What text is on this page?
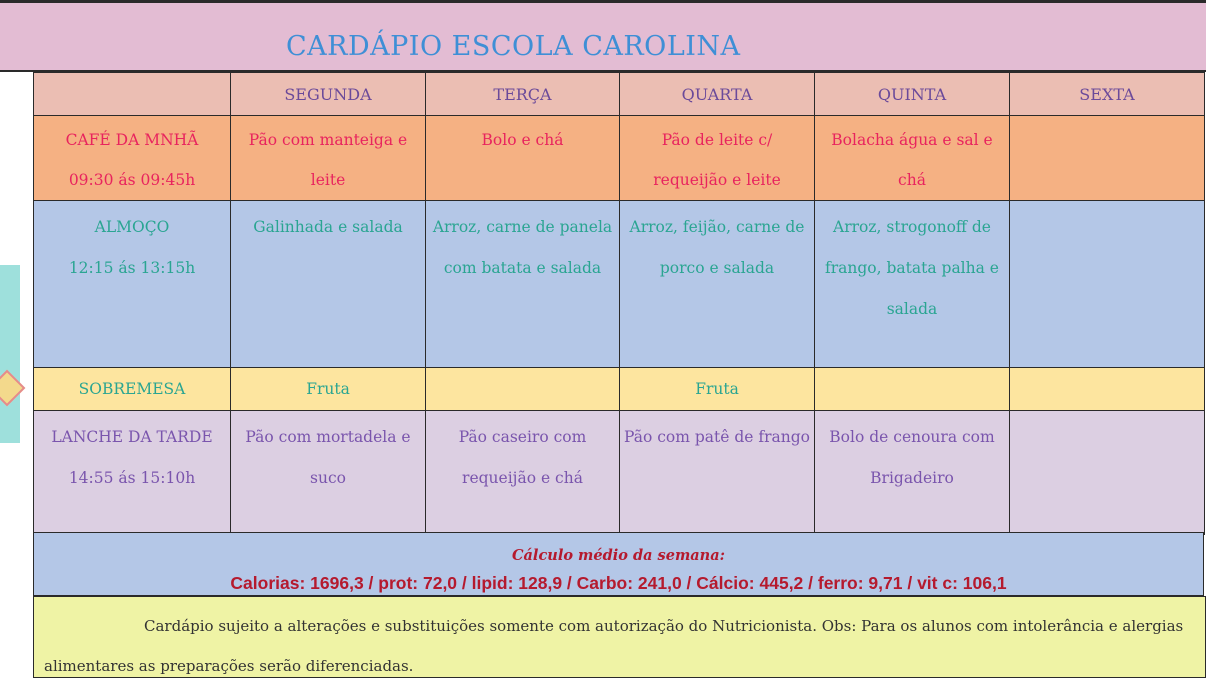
CARDÁPIO ESCOLA CAROLINA
	SEGUNDA	TERÇA	QUARTA	QUINTA	SEXTA

CAFÉ DA MNHÃ
09:30 ás 09:45h	Pão com manteiga e leite	Bolo e chá	Pão de leite c/ requeijão e leite	Bolacha água e sal e chá	

ALMOÇO
12:15 ás 13:15h	Galinhada e salada	Arroz, carne de panela com batata e salada	Arroz, feijão, carne de porco e salada	Arroz, strogonoff de frango, batata palha e salada	
SOBREMESA	Fruta		Fruta		

LANCHE DA TARDE
14:55 ás 15:10h	Pão com mortadela e suco	Pão caseiro com requeijão e chá	Pão com patê de frango	Bolo de cenoura com Brigadeiro	
Cálculo médio da semana:
Calorias: 1696,3 / prot: 72,0 / lipid: 128,9 / Carbo: 241,0 / Cálcio: 445,2 / ferro: 9,71 / vit c: 106,1
Cardápio sujeito a alterações e substituições somente com autorização do Nutricionista. Obs: Para os alunos com intolerância e alergias
alimentares as preparações serão diferenciadas.
